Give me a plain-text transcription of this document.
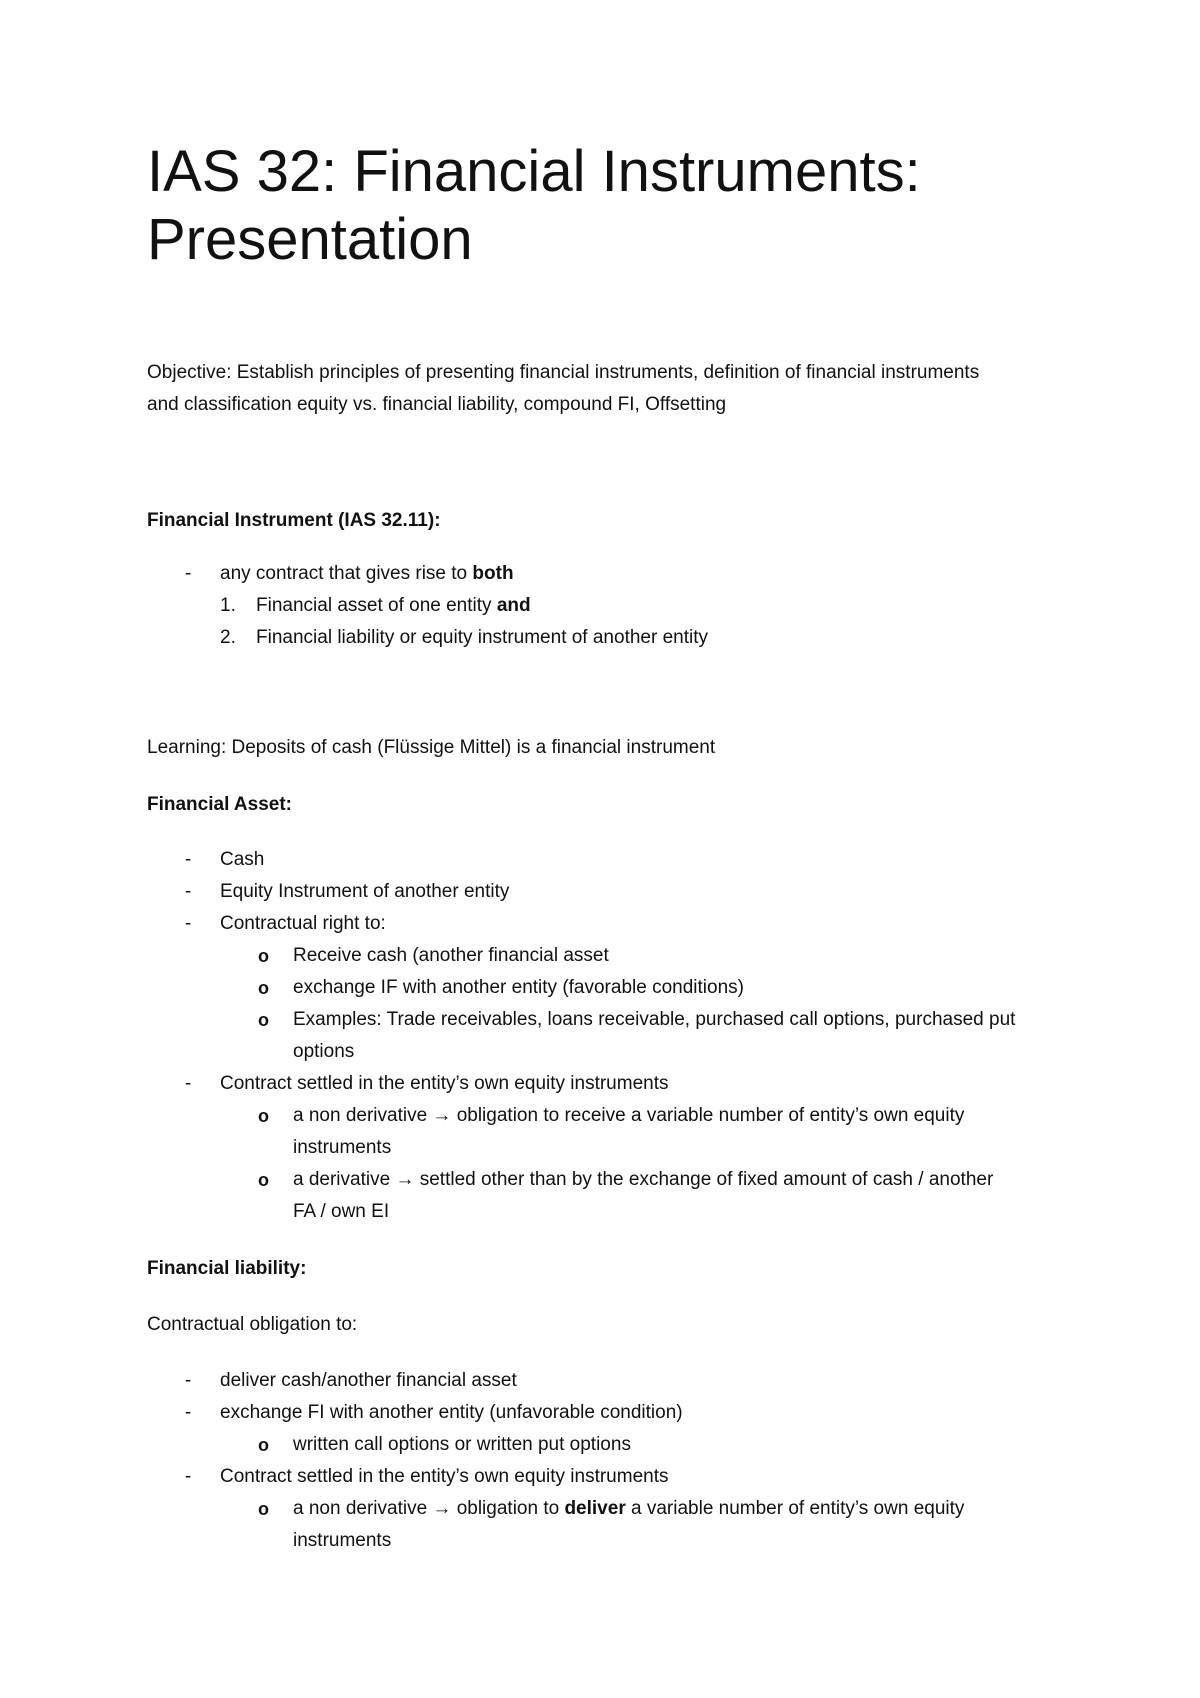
IAS 32: Financial Instruments: Presentation
Objective: Establish principles of presenting financial instruments, definition of financial instruments
and classification equity vs. financial liability, compound FI, Offsetting
Financial Instrument (IAS 32.11):
- any contract that gives rise to both
1. Financial asset of one entity and
2. Financial liability or equity instrument of another entity
Learning: Deposits of cash (Flüssige Mittel) is a financial instrument
Financial Asset:
- Cash
- Equity Instrument of another entity
- Contractual right to:
o Receive cash (another financial asset
o exchange IF with another entity (favorable conditions)
o Examples: Trade receivables, loans receivable, purchased call options, purchased put
options
- Contract settled in the entity’s own equity instruments
o a non derivative → obligation to receive a variable number of entity’s own equity
instruments
o a derivative → settled other than by the exchange of fixed amount of cash / another
FA / own EI
Financial liability:
Contractual obligation to:
- deliver cash/another financial asset
- exchange FI with another entity (unfavorable condition)
o written call options or written put options
- Contract settled in the entity’s own equity instruments
o a non derivative → obligation to deliver a variable number of entity’s own equity
instruments
